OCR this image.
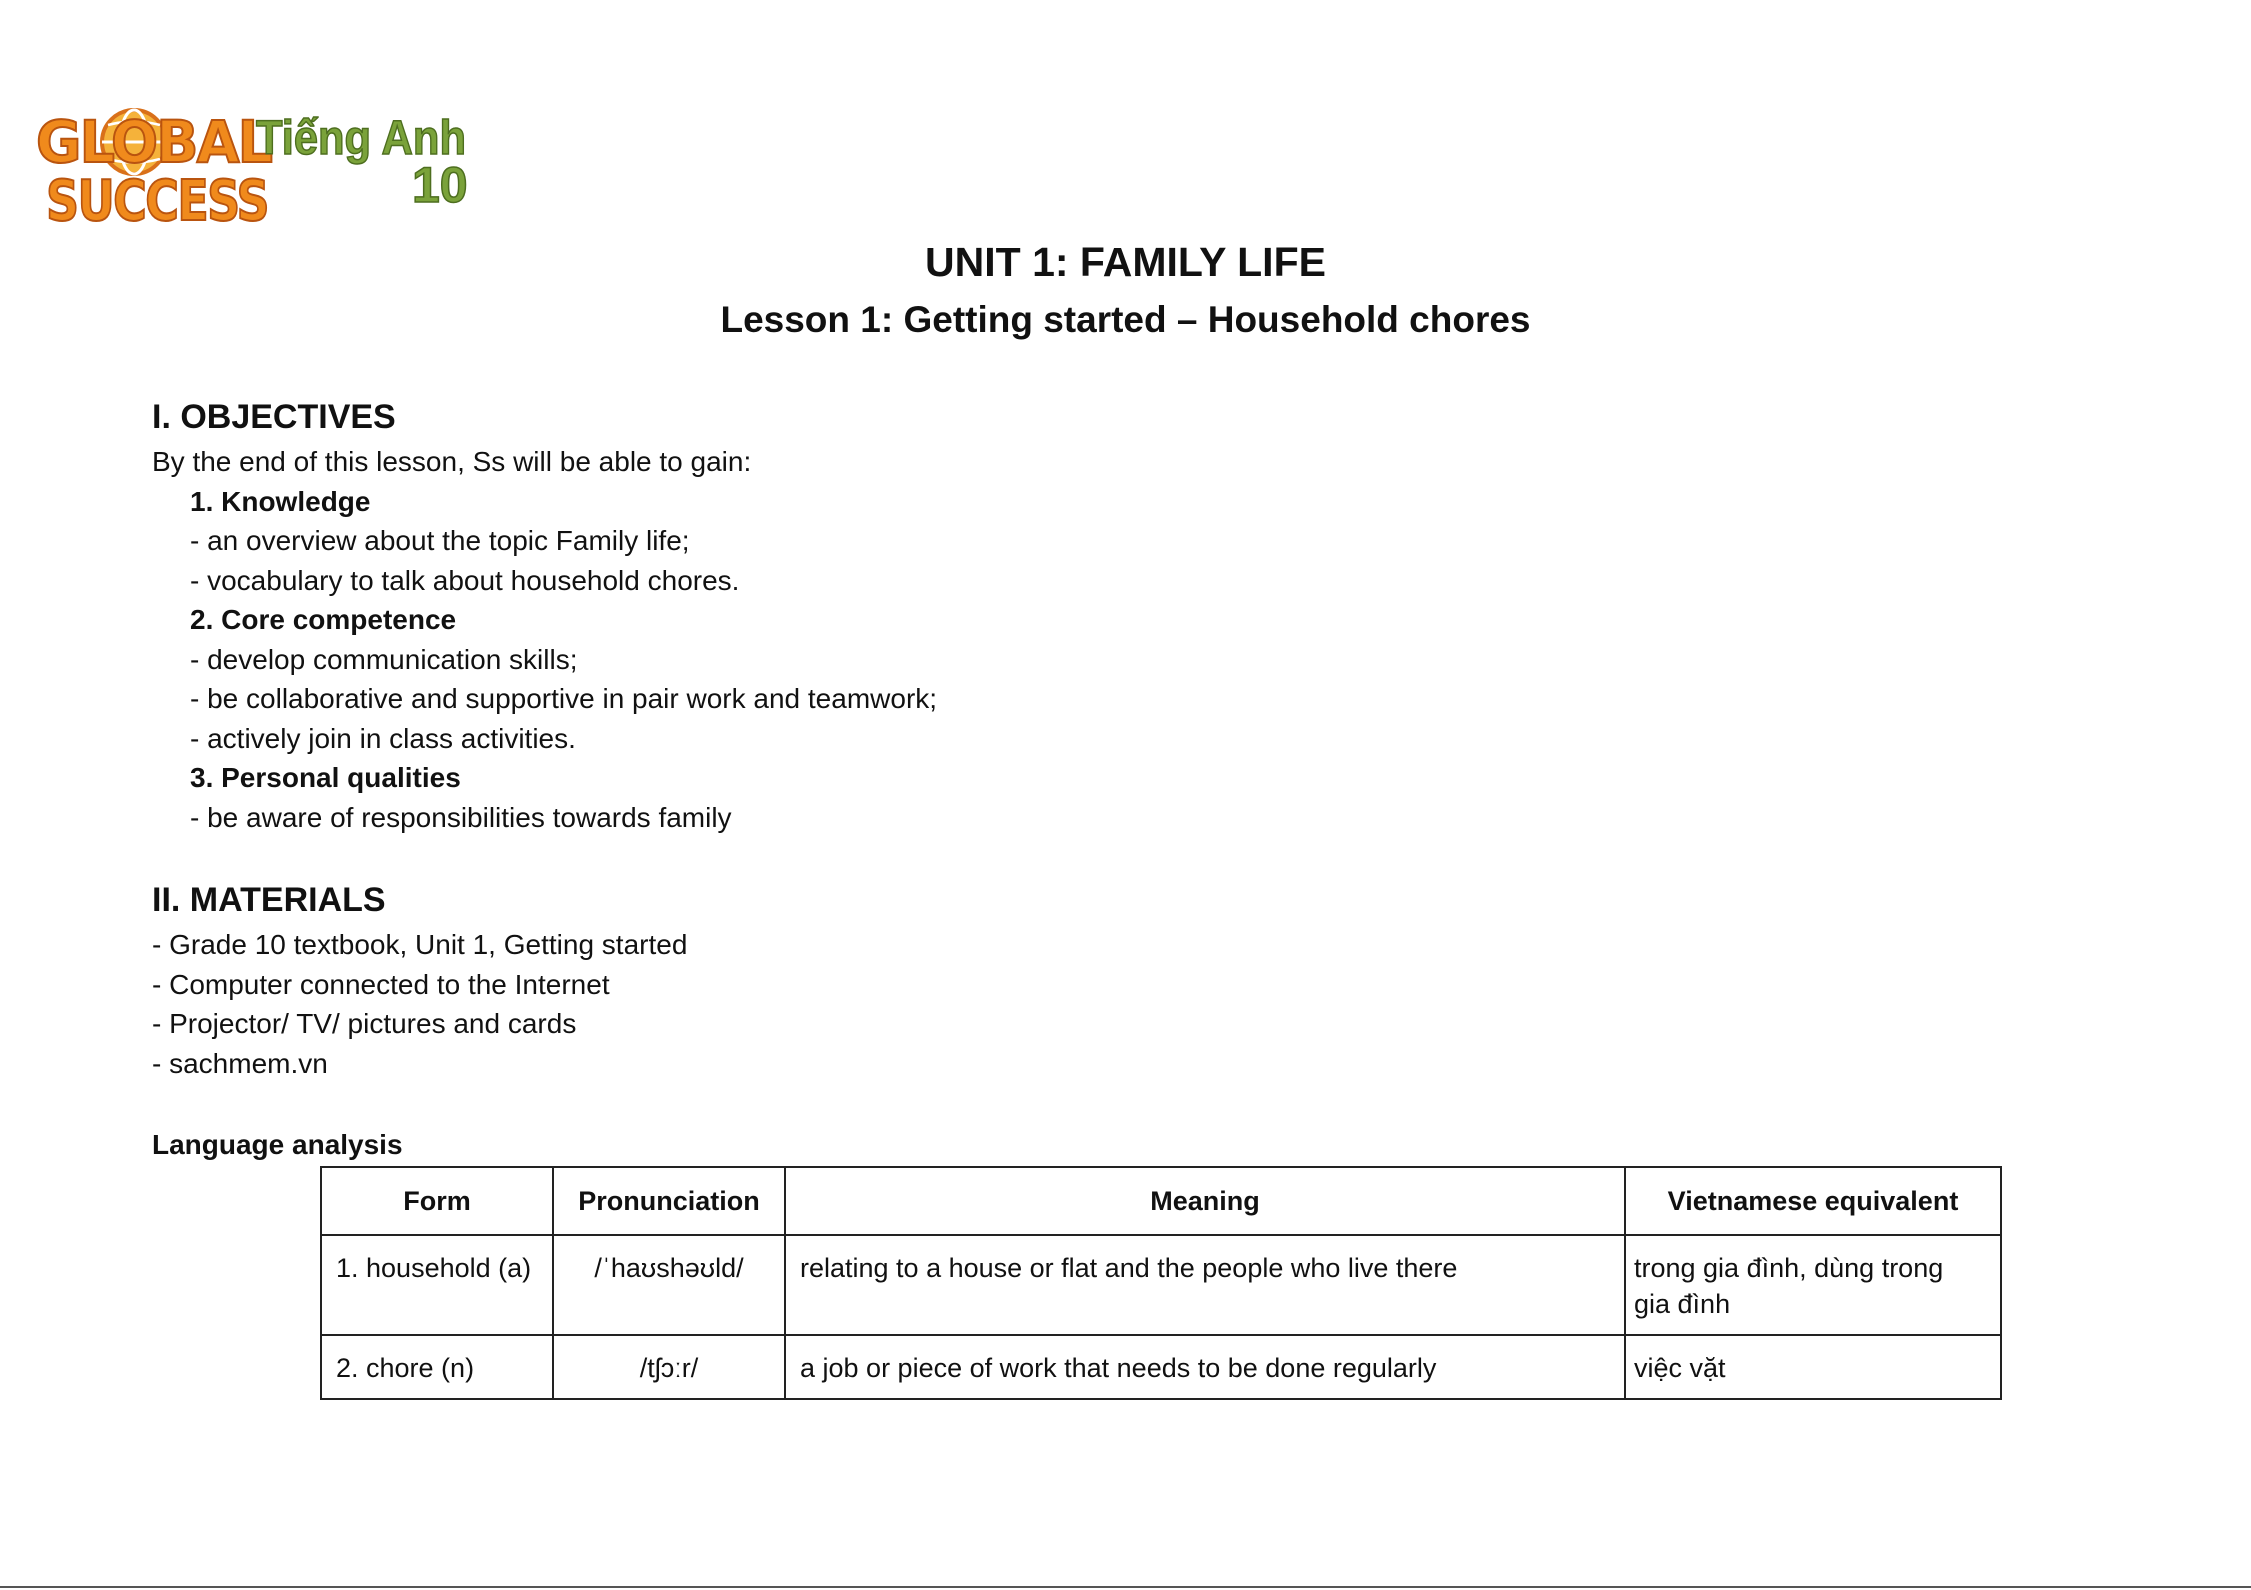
GLOBAL
SUCCESS
Tiếng Anh
10
UNIT 1: FAMILY LIFE
Lesson 1: Getting started – Household chores
I. OBJECTIVES
By the end of this lesson, Ss will be able to gain:
1. Knowledge
- an overview about the topic Family life;
- vocabulary to talk about household chores.
2. Core competence
- develop communication skills;
- be collaborative and supportive in pair work and teamwork;
- actively join in class activities.
3. Personal qualities
- be aware of responsibilities towards family
II. MATERIALS
- Grade 10 textbook, Unit 1, Getting started
- Computer connected to the Internet
- Projector/ TV/ pictures and cards
- sachmem.vn
Language analysis
Form	Pronunciation	Meaning	Vietnamese equivalent

1. household (a)	/ˈhaʊshəʊld/	relating to a house or flat and the people who live there	trong gia đình, dùng trong gia đình

2. chore (n)	/tʃɔːr/	a job or piece of work that needs to be done regularly	việc vặt
